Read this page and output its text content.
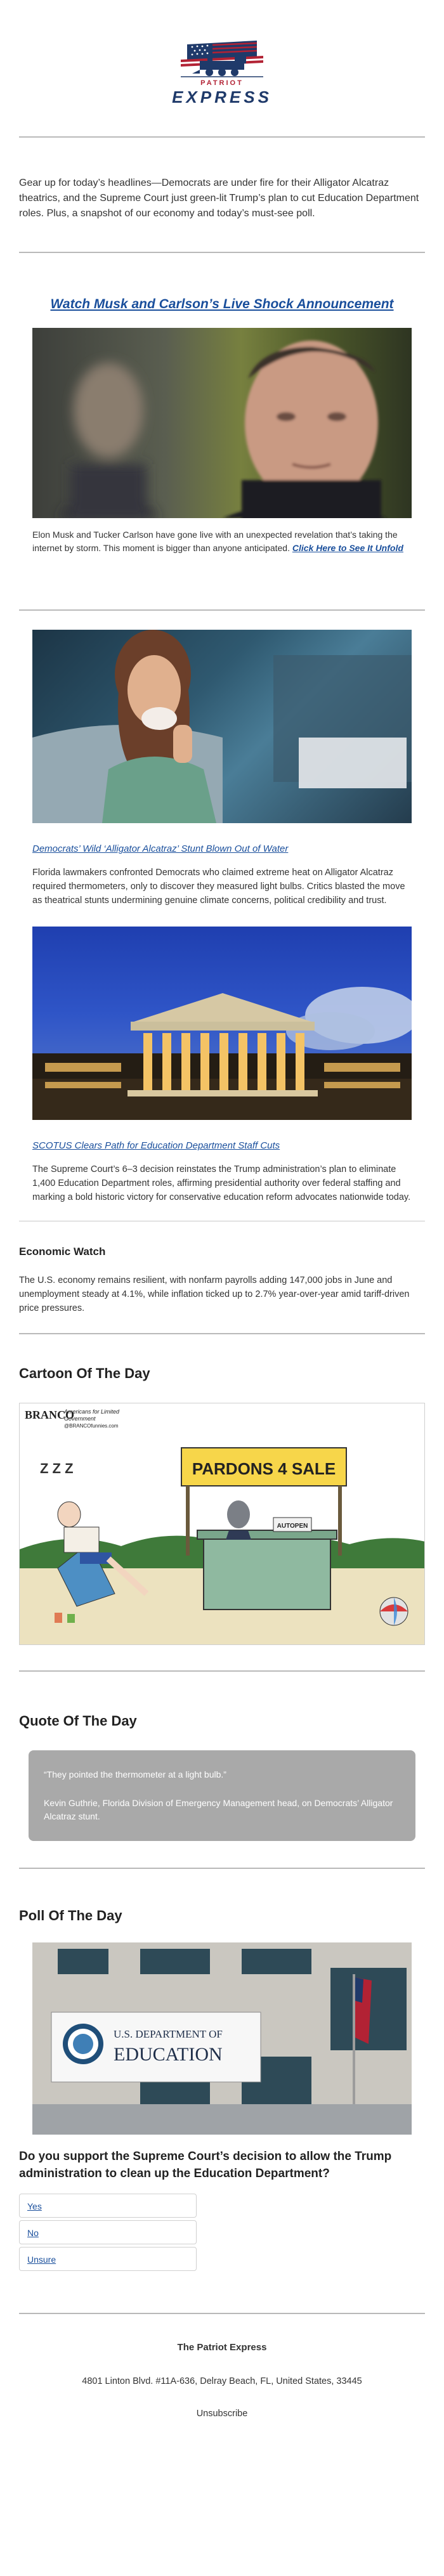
PATRIOT
EXPRESS

Gear up for today’s headlines—Democrats are under fire for their Alligator Alcatraz theatrics, and the Supreme Court just green-lit Trump’s plan to cut Education Department roles. Plus, a snapshot of our economy and today’s must-see poll.

Watch Musk and Carlson’s Live Shock Announcement
Elon Musk and Tucker Carlson have gone live with an unexpected revelation that’s taking the internet by storm. This moment is bigger than anyone anticipated. Click Here to See It Unfold
Democrats’ Wild ‘Alligator Alcatraz’ Stunt Blown Out of Water

Florida lawmakers confronted Democrats who claimed extreme heat on Alligator Alcatraz required thermometers, only to discover they measured light bulbs. Critics blasted the move as theatrical stunts undermining genuine climate concerns, political credibility and trust.

SCOTUS Clears Path for Education Department Staff Cuts

The Supreme Court’s 6–3 decision reinstates the Trump administration’s plan to eliminate 1,400 Education Department roles, affirming presidential authority over federal staffing and marking a bold historic victory for conservative education reform advocates nationwide today.

Economic Watch

The U.S. economy remains resilient, with nonfarm payrolls adding 147,000 jobs in June and unemployment steady at 4.1%, while inflation ticked up to 2.7% year-over-year amid tariff-driven price pressures.

Cartoon Of The Day
BRANCO
Americans for Limited
Government
@BRANCOfunnies.com
Z Z Z	PARDONS 4 SALE
AUTOPEN
Quote Of The Day

“They pointed the thermometer at a light bulb.”

Kevin Guthrie, Florida Division of Emergency Management head, on Democrats’ Alligator Alcatraz stunt.

Poll Of The Day
U.S. DEPARTMENT OF
EDUCATION

Do you support the Supreme Court’s decision to allow the Trump administration to clean up the Education Department?

Yes
No
Unsure

The Patriot Express

4801 Linton Blvd. #11A-636, Delray Beach, FL, United States, 33445

Unsubscribe
